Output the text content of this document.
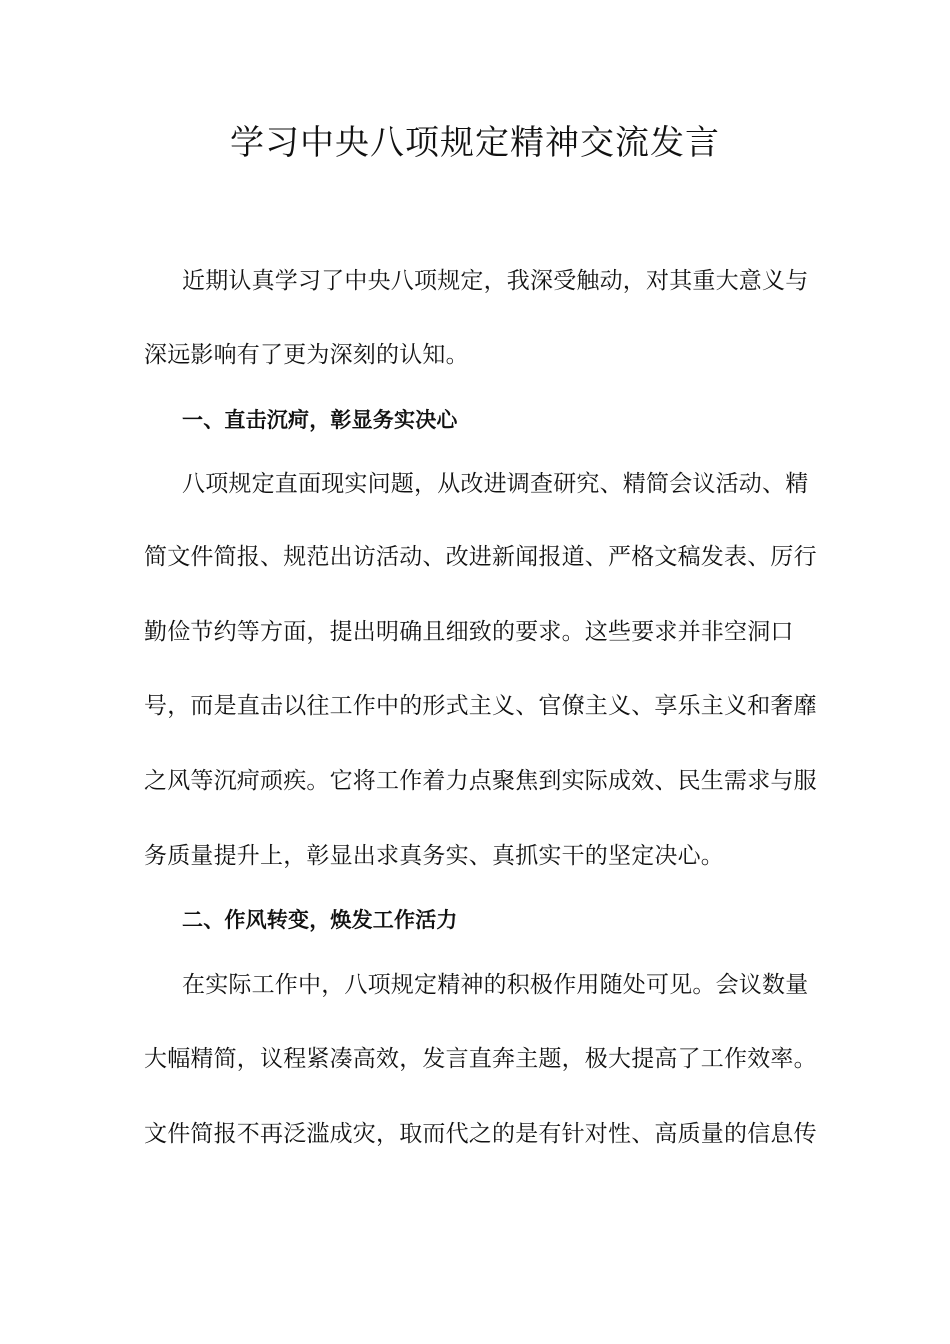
学习中央八项规定精神交流发言
近期认真学习了中央八项规定，我深受触动，对其重大意义与
深远影响有了更为深刻的认知。
一、直击沉疴，彰显务实决心
八项规定直面现实问题，从改进调查研究、精简会议活动、精
简文件简报、规范出访活动、改进新闻报道、严格文稿发表、厉行
勤俭节约等方面，提出明确且细致的要求。这些要求并非空洞口
号，而是直击以往工作中的形式主义、官僚主义、享乐主义和奢靡
之风等沉疴顽疾。它将工作着力点聚焦到实际成效、民生需求与服
务质量提升上，彰显出求真务实、真抓实干的坚定决心。
二、作风转变，焕发工作活力
在实际工作中，八项规定精神的积极作用随处可见。会议数量
大幅精简，议程紧凑高效，发言直奔主题，极大提高了工作效率。
文件简报不再泛滥成灾，取而代之的是有针对性、高质量的信息传
